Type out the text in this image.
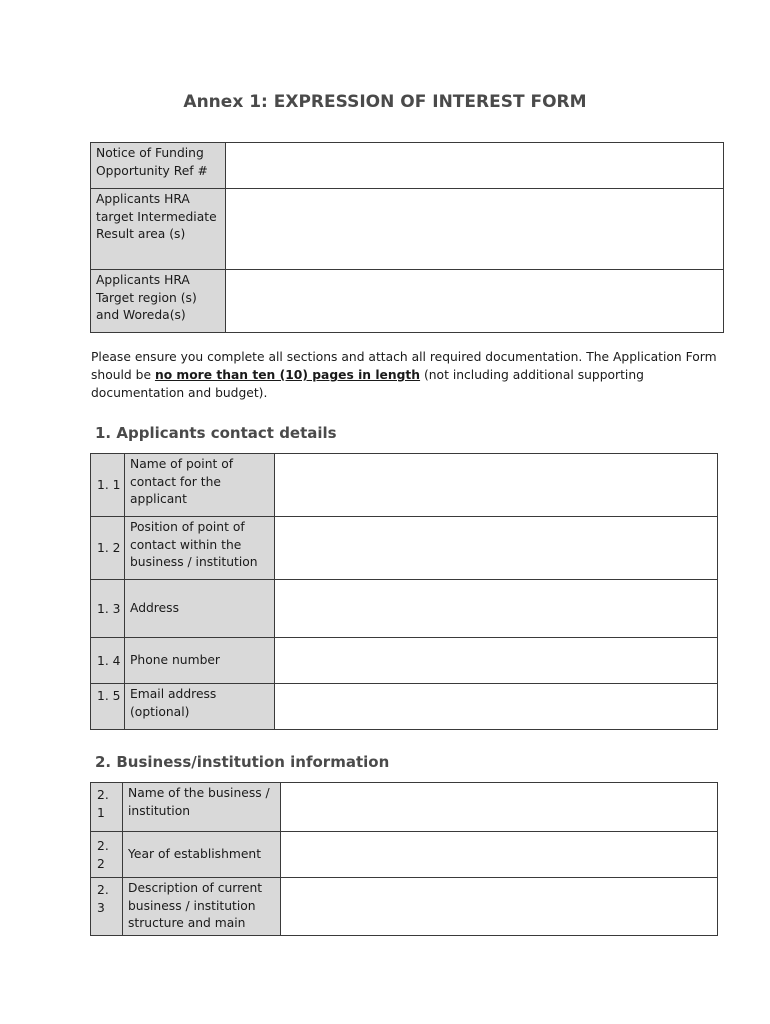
Annex 1: EXPRESSION OF INTEREST FORM
Notice of Funding Opportunity Ref #	
Applicants HRA target Intermediate Result area (s)	
Applicants HRA Target region (s) and Woreda(s)	
Please ensure you complete all sections and attach all required documentation. The Application Form should be no more than ten (10) pages in length (not including additional supporting documentation and budget).
1. Applicants contact details
1. 1	Name of point of contact for the applicant	
1. 2	Position of point of contact within the business / institution	
1. 3	Address	
1. 4	Phone number	
1. 5	Email address (optional)	
2. Business/institution information
2. 1	Name of the business / institution	
2. 2	Year of establishment	
2. 3	Description of current business / institution structure and main	
